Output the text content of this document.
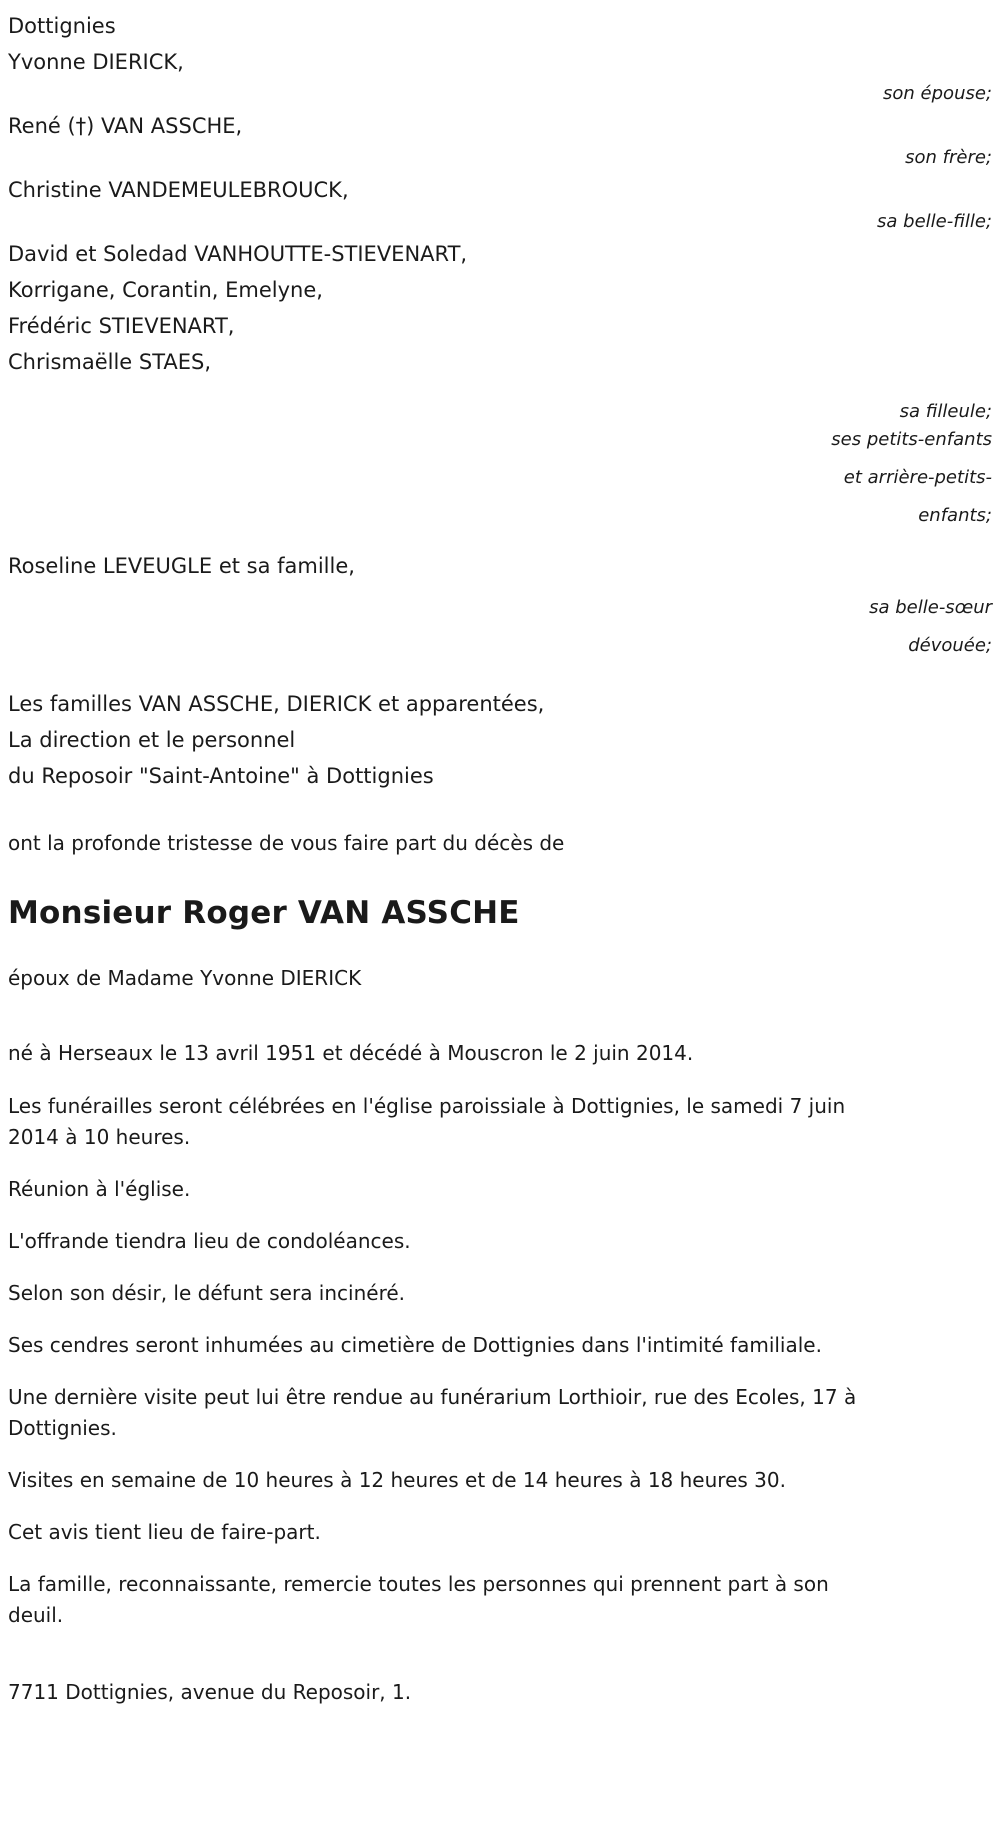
Dottignies
Yvonne DIERICK,
son épouse;
René (†) VAN ASSCHE,
son frère;
Christine VANDEMEULEBROUCK,
sa belle-fille;
David et Soledad VANHOUTTE-STIEVENART,
Korrigane, Corantin, Emelyne,
Frédéric STIEVENART,
Chrismaëlle STAES,
sa filleule;
ses petits-enfants
et arrière-petits-
enfants;
Roseline LEVEUGLE et sa famille,
sa belle-sœur
dévouée;
Les familles VAN ASSCHE, DIERICK et apparentées,
La direction et le personnel
du Reposoir "Saint-Antoine" à Dottignies

ont la profonde tristesse de vous faire part du décès de

Monsieur Roger VAN ASSCHE

époux de Madame Yvonne DIERICK

né à Herseaux le 13 avril 1951 et décédé à Mouscron le 2 juin 2014.

Les funérailles seront célébrées en l'église paroissiale à Dottignies, le samedi 7 juin 2014 à 10 heures.

Réunion à l'église.

L'offrande tiendra lieu de condoléances.

Selon son désir, le défunt sera incinéré.

Ses cendres seront inhumées au cimetière de Dottignies dans l'intimité familiale.

Une dernière visite peut lui être rendue au funérarium Lorthioir, rue des Ecoles, 17 à Dottignies.

Visites en semaine de 10 heures à 12 heures et de 14 heures à 18 heures 30.

Cet avis tient lieu de faire-part.

La famille, reconnaissante, remercie toutes les personnes qui prennent part à son deuil.

7711 Dottignies, avenue du Reposoir, 1.
